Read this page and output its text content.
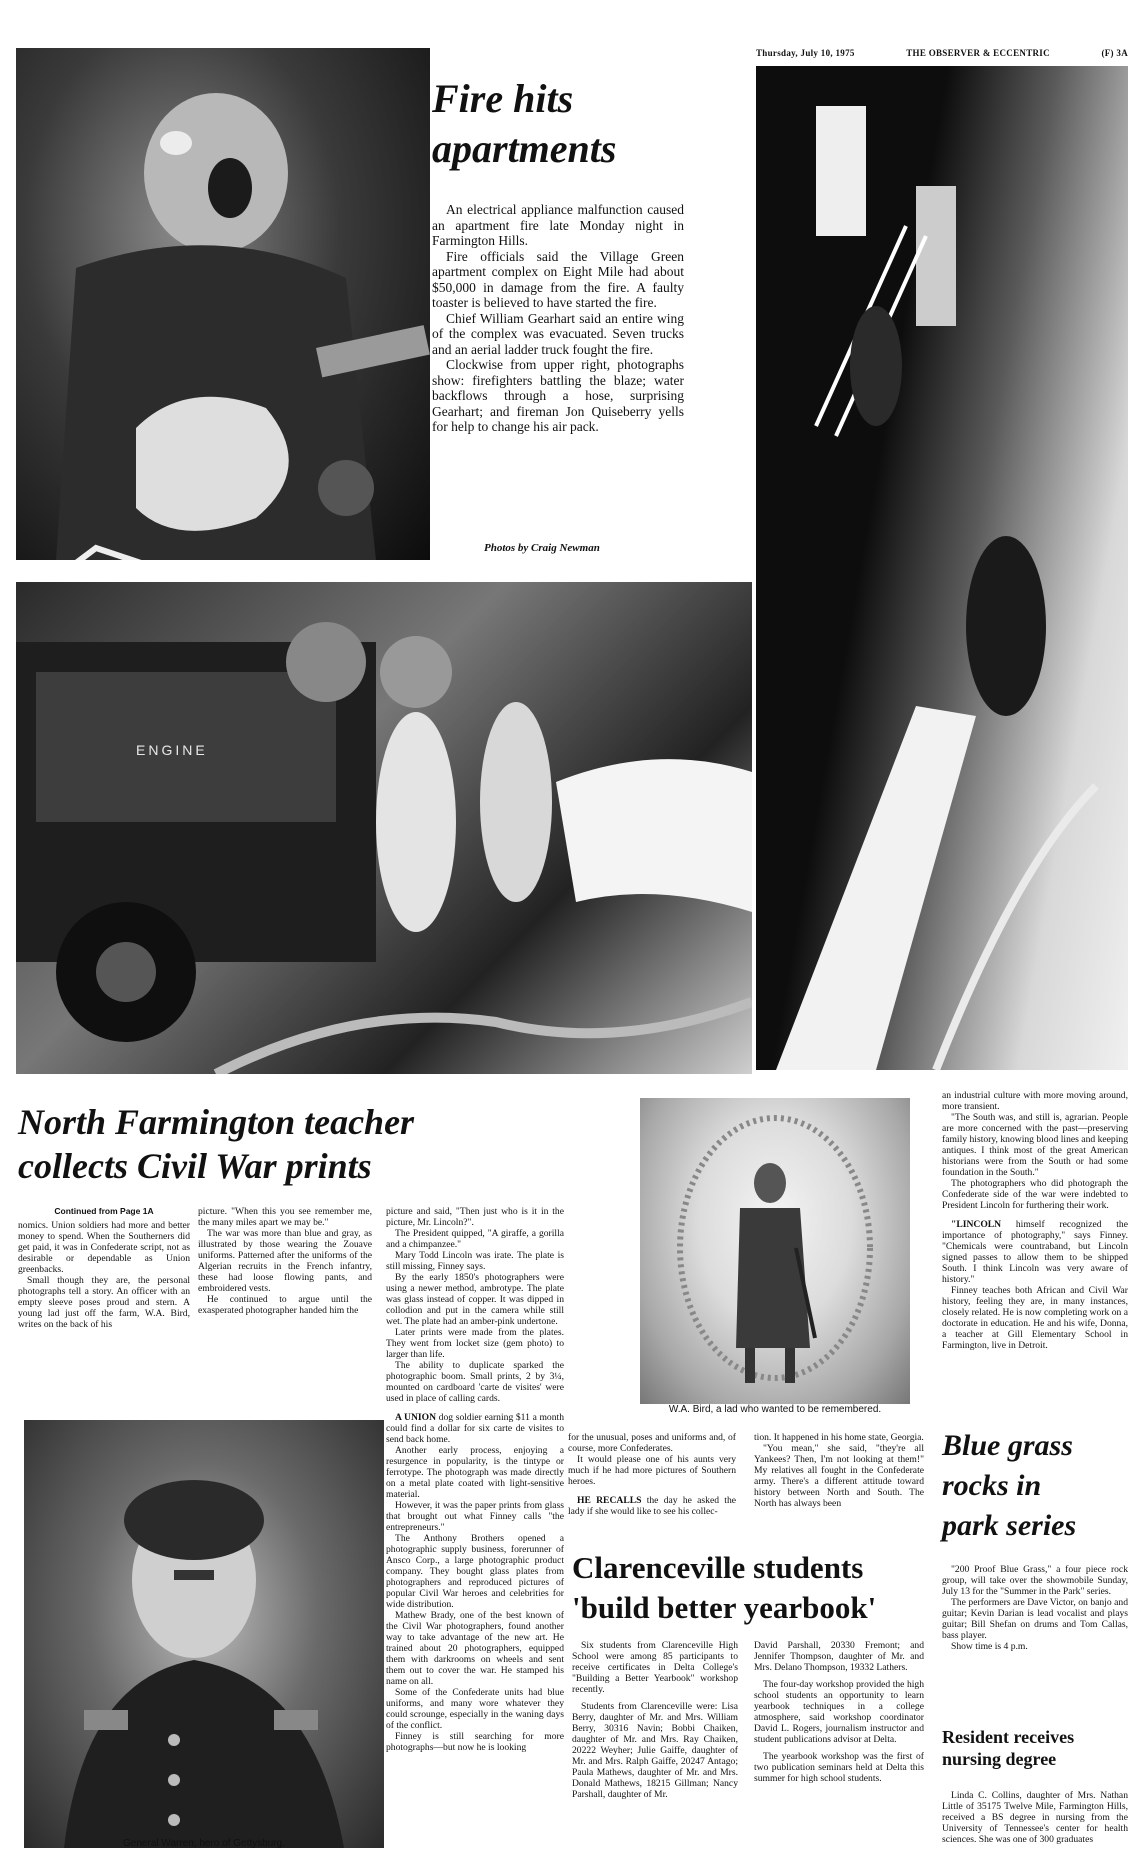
Thursday, July 10, 1975	THE OBSERVER & ECCENTRIC	(F) 3A
Fire hits
apartments

An electrical appliance malfunction caused an apartment fire late Monday night in Farmington Hills.

Fire officials said the Village Green apartment complex on Eight Mile had about $50,000 in damage from the fire. A faulty toaster is believed to have started the fire.

Chief William Gearhart said an entire wing of the complex was evacuated. Seven trucks and an aerial ladder truck fought the fire.

Clockwise from upper right, photographs show: firefighters battling the blaze; water backflows through a hose, surprising Gearhart; and fireman Jon Quiseberry yells for help to change his air pack.

Photos by Craig Newman
ENGINE
North Farmington teacher
collects Civil War prints
Continued from Page 1A

nomics. Union soldiers had more and better money to spend. When the Southerners did get paid, it was in Confederate script, not as desirable or dependable as Union greenbacks.

Small though they are, the personal photographs tell a story. An officer with an empty sleeve poses proud and stern. A young lad just off the farm, W.A. Bird, writes on the back of his

picture. "When this you see remember me, the many miles apart we may be."

The war was more than blue and gray, as illustrated by those wearing the Zouave uniforms. Patterned after the uniforms of the Algerian recruits in the French infantry, these had loose flowing pants, and embroidered vests.

He continued to argue until the exasperated photographer handed him the

picture and said, "Then just who is it in the picture, Mr. Lincoln?".

The President quipped, "A giraffe, a gorilla and a chimpanzee."

Mary Todd Lincoln was irate. The plate is still missing, Finney says.

By the early 1850's photographers were using a newer method, ambrotype. The plate was glass instead of copper. It was dipped in collodion and put in the camera while still wet. The plate had an amber-pink undertone.

Later prints were made from the plates. They went from locket size (gem photo) to larger than life.

The ability to duplicate sparked the photographic boom. Small prints, 2 by 3¼, mounted on cardboard 'carte de visites' were used in place of calling cards.

A UNION dog soldier earning $11 a month could find a dollar for six carte de visites to send back home.

Another early process, enjoying a resurgence in popularity, is the tintype or ferrotype. The photograph was made directly on a metal plate coated with light-sensitive material.

However, it was the paper prints from glass that brought out what Finney calls "the entrepreneurs."

The Anthony Brothers opened a photographic supply business, forerunner of Ansco Corp., a large photographic product company. They bought glass plates from photographers and reproduced pictures of popular Civil War heroes and celebrities for wide distribution.

Mathew Brady, one of the best known of the Civil War photographers, found another way to take advantage of the new art. He trained about 20 photographers, equipped them with darkrooms on wheels and sent them out to cover the war. He stamped his name on all.

Some of the Confederate units had blue uniforms, and many wore whatever they could scrounge, especially in the waning days of the conflict.

Finney is still searching for more photographs—but now he is looking

W.A. Bird, a lad who wanted to be remembered.
General Warren, hero of Gettysburg.

for the unusual, poses and uniforms and, of course, more Confederates.

It would please one of his aunts very much if he had more pictures of Southern heroes.

HE RECALLS the day he asked the lady if she would like to see his collec-

tion. It happened in his home state, Georgia.

"You mean," she said, "they're all Yankees? Then, I'm not looking at them!" My relatives all fought in the Confederate army. There's a different attitude toward history between North and South. The North has always been

an industrial culture with more moving around, more transient.

"The South was, and still is, agrarian. People are more concerned with the past—preserving family history, knowing blood lines and keeping antiques. I think most of the great American historians were from the South or had some foundation in the South."

The photographers who did photograph the Confederate side of the war were indebted to President Lincoln for furthering their work.

"LINCOLN himself recognized the importance of photography," says Finney. "Chemicals were countraband, but Lincoln signed passes to allow them to be shipped South. I think Lincoln was very aware of history."

Finney teaches both African and Civil War history, feeling they are, in many instances, closely related. He is now completing work on a doctorate in education. He and his wife, Donna, a teacher at Gill Elementary School in Farmington, live in Detroit.

Blue grass
rocks in
park series

"200 Proof Blue Grass," a four piece rock group, will take over the showmobile Sunday, July 13 for the "Summer in the Park" series.

The performers are Dave Victor, on banjo and guitar; Kevin Darian is lead vocalist and plays guitar; Bill Shefan on drums and Tom Callas, bass player.

Show time is 4 p.m.

Clarenceville students
'build better yearbook'

Six students from Clarenceville High School were among 85 participants to receive certificates in Delta College's "Building a Better Yearbook" workshop recently.

Students from Clarenceville were: Lisa Berry, daughter of Mr. and Mrs. William Berry, 30316 Navin; Bobbi Chaiken, daughter of Mr. and Mrs. Ray Chaiken, 20222 Weyher; Julie Gaiffe, daughter of Mr. and Mrs. Ralph Gaiffe, 20247 Antago; Paula Mathews, daughter of Mr. and Mrs. Donald Mathews, 18215 Gillman; Nancy Parshall, daughter of Mr.

David Parshall, 20330 Fremont; and Jennifer Thompson, daughter of Mr. and Mrs. Delano Thompson, 19332 Lathers.

The four-day workshop provided the high school students an opportunity to learn yearbook techniques in a college atmosphere, said workshop coordinator David L. Rogers, journalism instructor and student publications advisor at Delta.

The yearbook workshop was the first of two publication seminars held at Delta this summer for high school students.

Resident receives
nursing degree

Linda C. Collins, daughter of Mrs. Nathan Little of 35175 Twelve Mile, Farmington Hills, received a BS degree in nursing from the University of Tennessee's center for health sciences. She was one of 300 graduates
